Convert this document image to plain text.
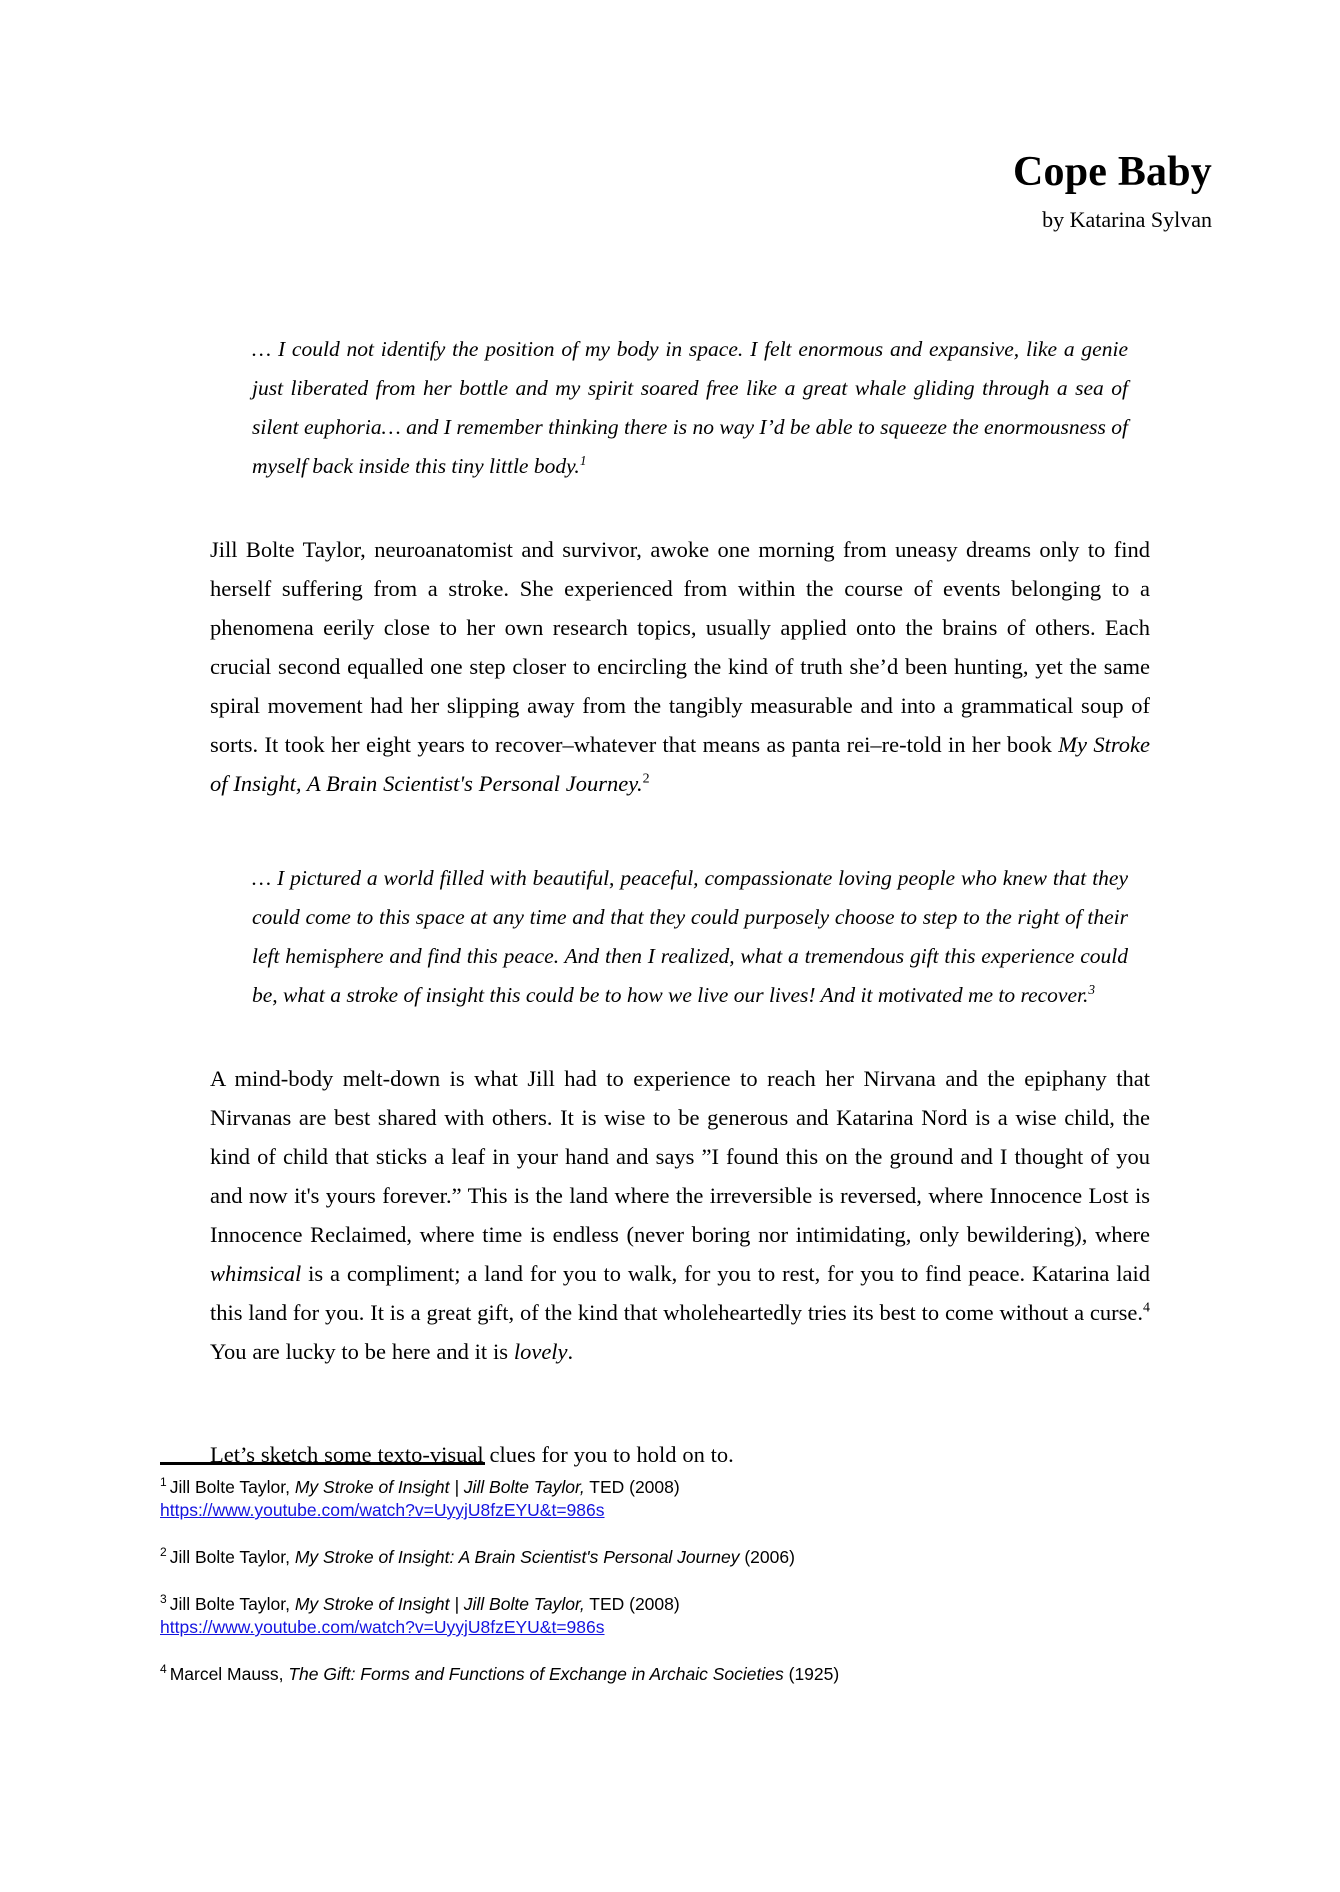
Cope Baby
by Katarina Sylvan
… I could not identify the position of my body in space. I felt enormous and expansive, like a genie just liberated from her bottle and my spirit soared free like a great whale gliding through a sea of silent euphoria… and I remember thinking there is no way I’d be able to squeeze the enormousness of myself back inside this tiny little body.$^1$

Jill Bolte Taylor, neuroanatomist and survivor, awoke one morning from uneasy dreams only to find herself suffering from a stroke. She experienced from within the course of events belonging to a phenomena eerily close to her own research topics, usually applied onto the brains of others. Each crucial second equalled one step closer to encircling the kind of truth she’d been hunting, yet the same spiral movement had her slipping away from the tangibly measurable and into a grammatical soup of sorts. It took her eight years to recover–whatever that means as panta rei–re-told in her book My Stroke of Insight, A Brain Scientist's Personal Journey.$^2$

… I pictured a world filled with beautiful, peaceful, compassionate loving people who knew that they could come to this space at any time and that they could purposely choose to step to the right of their left hemisphere and find this peace. And then I realized, what a tremendous gift this experience could be, what a stroke of insight this could be to how we live our lives! And it motivated me to recover.$^3$

A mind-body melt-down is what Jill had to experience to reach her Nirvana and the epiphany that Nirvanas are best shared with others. It is wise to be generous and Katarina Nord is a wise child, the kind of child that sticks a leaf in your hand and says ”I found this on the ground and I thought of you and now it's yours forever.” This is the land where the irreversible is reversed, where Innocence Lost is Innocence Reclaimed, where time is endless (never boring nor intimidating, only bewildering), where whimsical is a compliment; a land for you to walk, for you to rest, for you to find peace. Katarina laid this land for you. It is a great gift, of the kind that wholeheartedly tries its best to come without a curse.$^4$ You are lucky to be here and it is lovely.

Let’s sketch some texto-visual clues for you to hold on to.

$^1$ Jill Bolte Taylor, My Stroke of Insight | Jill Bolte Taylor, TED (2008)
https://www.youtube.com/watch?v=UyyjU8fzEYU&t=986s
$^2$ Jill Bolte Taylor, My Stroke of Insight: A Brain Scientist's Personal Journey (2006)
$^3$ Jill Bolte Taylor, My Stroke of Insight | Jill Bolte Taylor, TED (2008)
https://www.youtube.com/watch?v=UyyjU8fzEYU&t=986s
$^4$ Marcel Mauss, The Gift: Forms and Functions of Exchange in Archaic Societies (1925)
